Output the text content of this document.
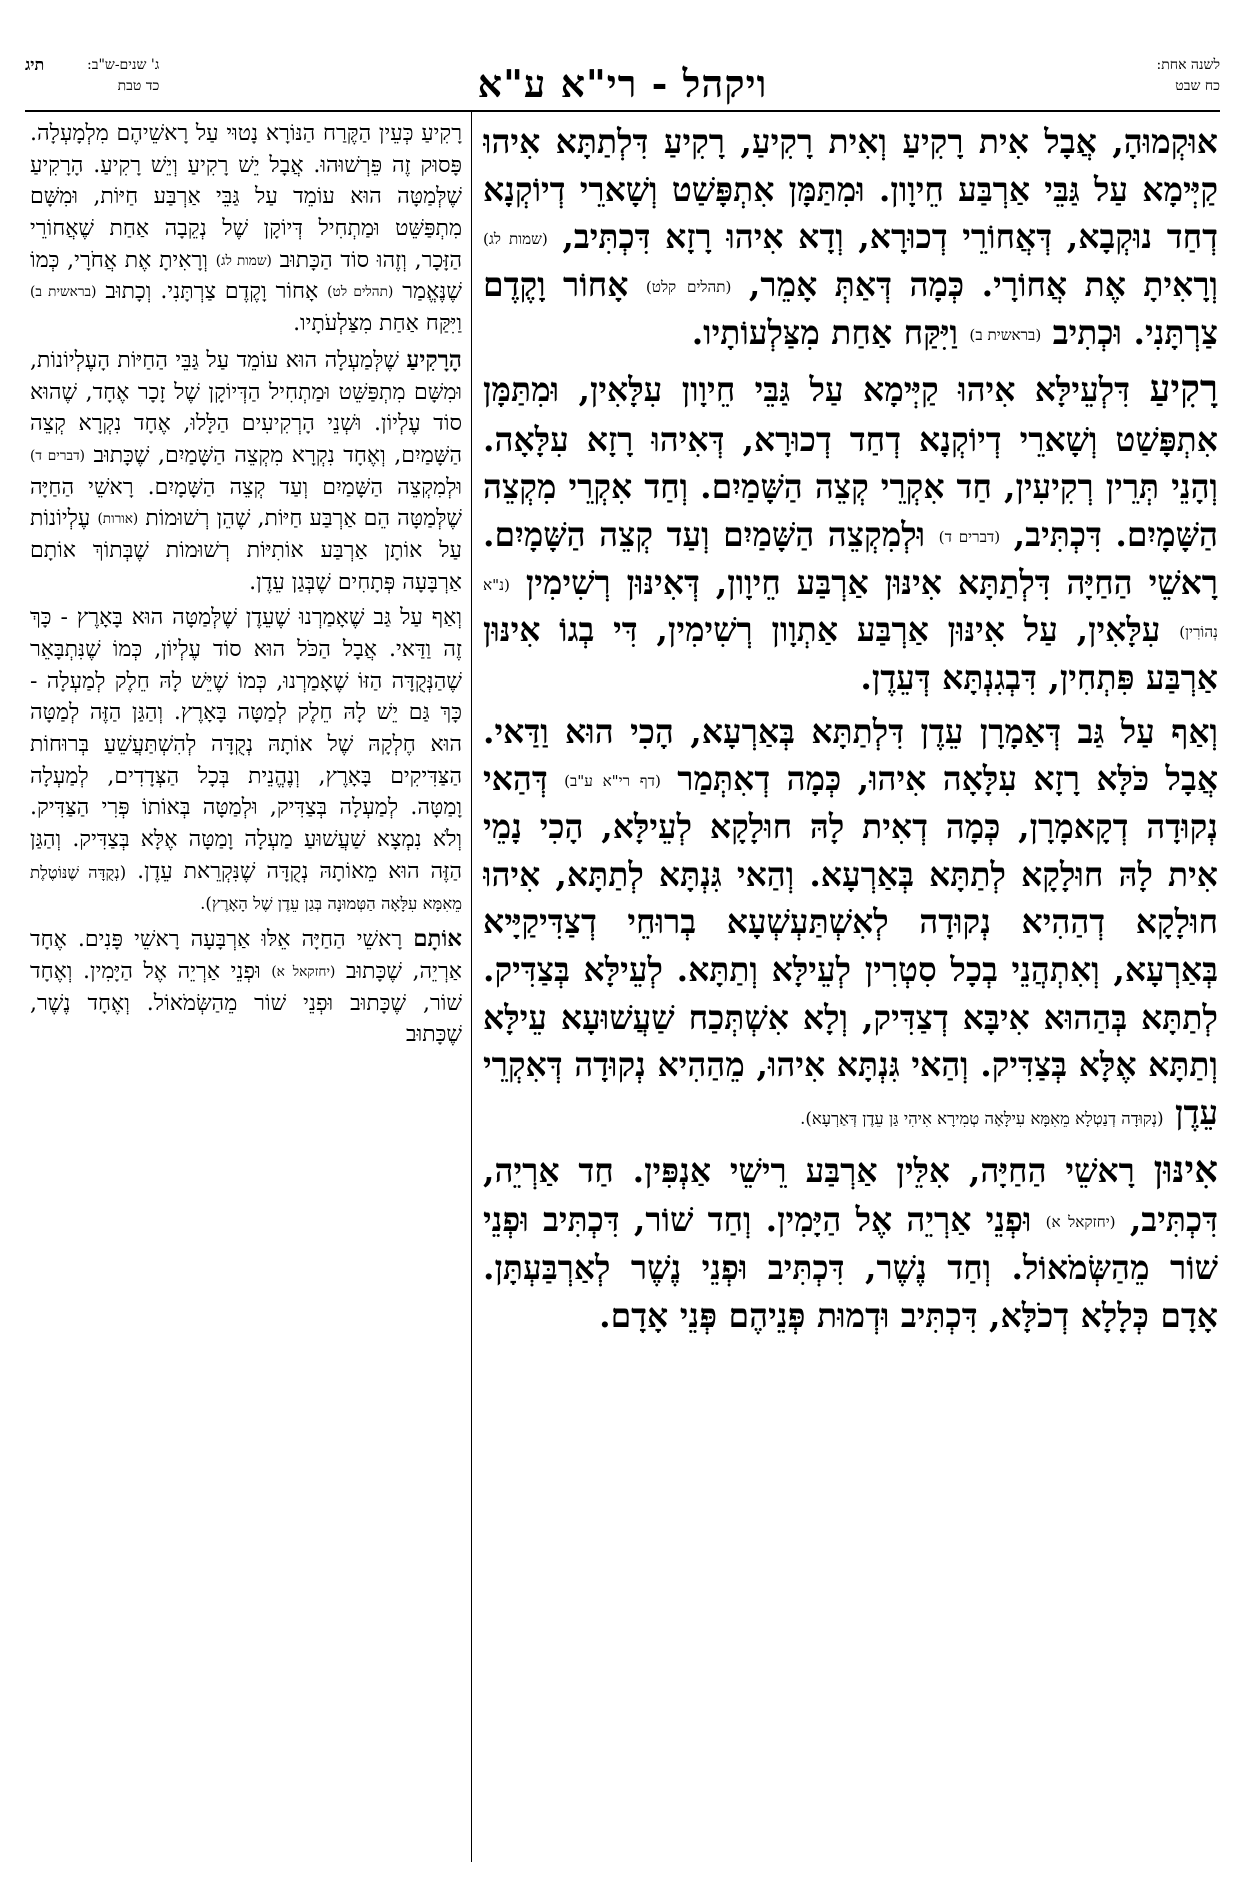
לשנה אחת:
כח שבט
ויקהל - רי"א ע"א
ג' שנים-ש"ב:
כד טבת
תיג

אוּקְמוּהָ, אֲבָל אִית רָקִיעַ וְאִית רָקִיעַ, רָקִיעַ דִּלְתַתָּא אִיהוּ קַיְּימָא עַל גַּבֵּי אַרְבַּע חֵיוָון. וּמִתַּמָּן אִתְפָּשַׁט וְשָׁארֵי דְיוֹקְנָא דְחַד נוּקְבָא, דְּאֲחוֹרֵי דְכוּרָא, וְדָא אִיהוּ רָזָא דִּכְתִּיב, (שמות לג) וְרָאִיתָ אֶת אֲחוֹרָי. כְּמָה דְּאַתְּ אָמֵר, (תהלים קלט) אָחוֹר וָקֶדֶם צַרְתָּנִי. וּכְתִיב (בראשית ב) וַיִּקַּח אַחַת מִצַּלְעוֹתָיו.

רָקִיעַ דִּלְעֵילָּא אִיהוּ קַיְּימָא עַל גַּבֵּי חֵיוָון עִלָּאִין, וּמִתַּמָּן אִתְפָּשַׁט וְשָׁארֵי דְיוֹקְנָא דְחַד דְכוּרָא, דְּאִיהוּ רָזָא עִלָּאָה. וְהָנֵי תְּרֵין רְקִיעִין, חַד אִקְרֵי קְצֵה הַשָּׁמַיִם. וְחַד אִקְרֵי מִקְצֵה הַשָּׁמָיִם. דִּכְתִּיב, (דברים ד) וּלְמִקְצֵה הַשָּׁמַיִם וְעַד קְצֵה הַשָּׁמָיִם. רָאשֵׁי הַחַיָּה דִּלְתַתָּא אִינּוּן אַרְבַּע חֵיוָון, דְּאִינּוּן רְשִׁימִין (נ"א נְהוֹרִין) עִלָּאִין, עַל אִינּוּן אַרְבַּע אַתְוָון רְשִׁימִין, דִּי בְגוֹ אִינּוּן אַרְבַּע פִּתְחִין, דִּבְגִנְתָּא דְּעֵדֶן.

וְאַף עַל גַּב דְּאַמָרָן עֵדֶן דִּלְתַתָּא בְּאַרְעָא, הָכִי הוּא וַדַּאי. אֲבָל כֹּלָּא רָזָא עִלָּאָה אִיהוּ, כְּמָה דְאִתְּמַר (דף רי"א ע"ב) דְּהַאי נְקוּדָה דְקָאמָרָן, כְּמָה דְאִית לָהּ חוּלָקָא לְעֵילָּא, הָכִי נָמֵי אִית לָהּ חוּלָקָא לְתַתָּא בְּאַרְעָא. וְהַאי גִּנְתָּא לְתַתָּא, אִיהוּ חוּלָקָא דְהַהִיא נְקוּדָה לְאִשְׁתַּעְשְׁעָא בְרוּחֵי דְצַדִּיקַיָּיא בְּאַרְעָא, וְאִתְהֲנֵי בְכָל סִטְרִין לְעֵילָּא וְתַתָּא. לְעֵילָּא בְּצַדִּיק. לְתַתָּא בְּהַהוּא אִיבָּא דְצַדִּיק, וְלָא אִשְׁתְּכַח שַׁעֲשׁוּעָא עֵילָּא וְתַתָּא אֶלָּא בְּצַדִּיק. וְהַאי גִּנְתָּא אִיהוּ, מֵהַהִיא נְקוּדָה דְּאִקְרֵי עֵדֶן (נְקוּדָה דְנַטְלָא מֵאִמָּא עִילָּאָה טְמִירָא אִיהִי גַּן עֵדֶן דְּאַרְעָא).

אִינּוּן רָאשֵׁי הַחַיָּה, אִלֵּין אַרְבַּע רֵישֵׁי אַנְפִּין. חַד אַרְיֵה, דִּכְתִּיב, (יחזקאל א) וּפְנֵי אַרְיֵה אֶל הַיָּמִין. וְחַד שׁוֹר, דִּכְתִּיב וּפְנֵי שׁוֹר מֵהַשְּׂמֹאוֹל. וְחַד נֶשֶׁר, דִּכְתִּיב וּפְנֵי נֶשֶׁר לְאַרְבַּעְתָּן. אָדָם כְּלָלָא דְכֹלָּא, דִּכְתִּיב וּדְמוּת פְּנֵיהֶם פְּנֵי אָדָם.

רָקִיעַ כְּעֵין הַקֶּרַח הַנּוֹרָא נָטוּי עַל רָאשֵׁיהֶם מִלְמָעְלָה. פָּסוּק זֶה פֵּרְשׁוּהוּ. אֲבָל יֵשׁ רָקִיעַ וְיֵשׁ רָקִיעַ. הָרָקִיעַ שֶׁלְּמַטָּה הוּא עוֹמֵד עַל גַּבֵּי אַרְבַּע חַיּוֹת, וּמִשָּׁם מִתְפַּשֵּׁט וּמַתְחִיל דְּיוֹקָן שֶׁל נְקֵבָה אַחַת שֶׁאֲחוֹרֵי הַזָּכָר, וְזֶהוּ סוֹד הַכָּתוּב (שמות לג) וְרָאִיתָ אֶת אֲחֹרָי, כְּמוֹ שֶׁנֶּאֱמַר (תהלים לט) אָחוֹר וָקֶדֶם צַרְתָּנִי. וְכָתוּב (בראשית ב) וַיִּקַּח אַחַת מִצַּלְעֹתָיו.

הָרָקִיעַ שֶׁלְּמַעְלָה הוּא עוֹמֵד עַל גַּבֵּי הַחַיּוֹת הָעֶלְיוֹנוֹת, וּמִשָּׁם מִתְפַּשֵּׁט וּמַתְחִיל הַדְּיוֹקָן שֶׁל זָכָר אֶחָד, שֶׁהוּא סוֹד עֶלְיוֹן. וּשְׁנֵי הָרְקִיעִים הַלָּלוּ, אֶחָד נִקְרָא קְצֵה הַשָּׁמַיִם, וְאֶחָד נִקְרָא מִקְצֵה הַשָּׁמַיִם, שֶׁכָּתוּב (דברים ד) וּלְמִקְצֵה הַשָּׁמַיִם וְעַד קְצֵה הַשָּׁמָיִם. רָאשֵׁי הַחַיָּה שֶׁלְּמַטָּה הֵם אַרְבַּע חַיּוֹת, שֶׁהֵן רְשׁוּמוֹת (אורות) עֶלְיוֹנוֹת עַל אוֹתָן אַרְבַּע אוֹתִיּוֹת רְשׁוּמוֹת שֶׁבְּתוֹךְ אוֹתָם אַרְבָּעָה פְּתָחִים שֶׁבְּגַן עֵדֶן.

וְאַף עַל גַּב שֶׁאָמַרְנוּ שֶׁעֵדֶן שֶׁלְּמַטָּה הוּא בָּאָרֶץ - כָּךְ זֶה וַדַּאי. אֲבָל הַכֹּל הוּא סוֹד עֶלְיוֹן, כְּמוֹ שֶׁנִּתְבָּאֵר שֶׁהַנְּקֻדָּה הַזּוֹ שֶׁאָמַרְנוּ, כְּמוֹ שֶׁיֵּשׁ לָהּ חֵלֶק לְמַעְלָה - כָּךְ גַּם יֵשׁ לָהּ חֵלֶק לְמַטָּה בָּאָרֶץ. וְהַגַּן הַזֶּה לְמַטָּה הוּא חֶלְקָהּ שֶׁל אוֹתָהּ נְקֻדָּה לְהִשְׁתַּעֲשֵׁעַ בְּרוּחוֹת הַצַּדִּיקִים בָּאָרֶץ, וְנֶהֱנֵית בְּכָל הַצְּדָדִים, לְמַעְלָה וָמַטָּה. לְמַעְלָה בְּצַדִּיק, וּלְמַטָּה בְּאוֹתוֹ פְּרִי הַצַּדִּיק. וְלֹא נִמְצָא שַׁעֲשׁוּעַ מַעְלָה וָמַטָּה אֶלָּא בְּצַדִּיק. וְהַגַּן הַזֶּה הוּא מֵאוֹתָהּ נְקֻדָּה שֶׁנִּקְרֵאת עֵדֶן. (נְקֻדָּה שֶׁנּוֹטֶלֶת מֵאִמָּא עִלָּאָה הַטְּמוּנָה בְּגַן עֵדֶן שֶׁל הָאָרֶץ).

אוֹתָם רָאשֵׁי הַחַיָּה אֵלּוּ אַרְבָּעָה רָאשֵׁי פָּנִים. אֶחָד אַרְיֵה, שֶׁכָּתוּב (יחזקאל א) וּפְנֵי אַרְיֵה אֶל הַיָּמִין. וְאֶחָד שׁוֹר, שֶׁכָּתוּב וּפְנֵי שׁוֹר מֵהַשְּׂמֹאוֹל. וְאֶחָד נֶשֶׁר, שֶׁכָּתוּב
